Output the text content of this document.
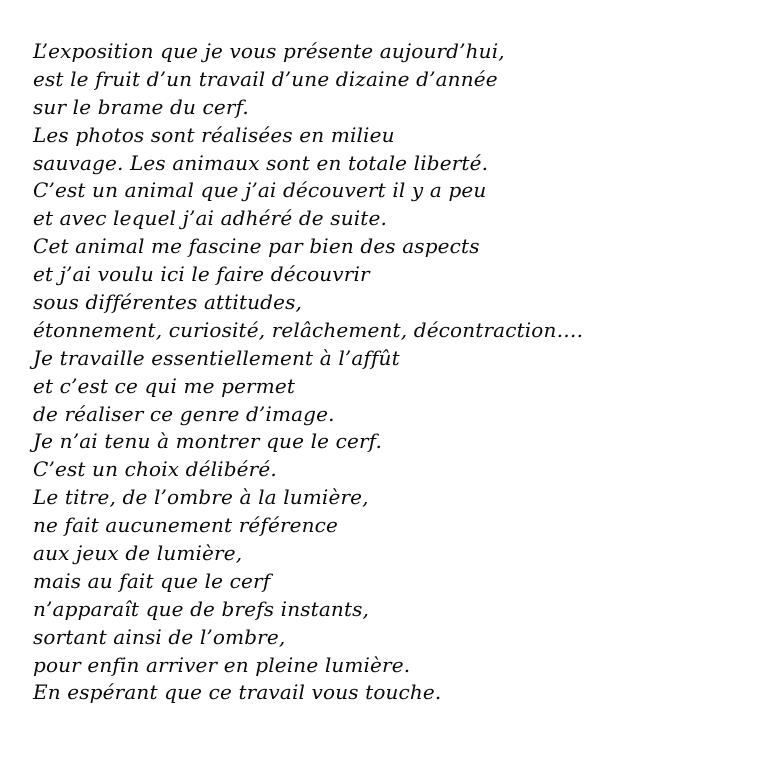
L’exposition que je vous présente aujourd’hui,
est le fruit d’un travail d’une dizaine d’année
sur le brame du cerf.
Les photos sont réalisées en milieu
sauvage. Les animaux sont en totale liberté.
C’est un animal que j’ai découvert il y a peu
et avec lequel j’ai adhéré de suite.
Cet animal me fascine par bien des aspects
et j’ai voulu ici le faire découvrir
sous différentes attitudes,
étonnement, curiosité, relâchement, décontraction….
Je travaille essentiellement à l’affût
et c’est ce qui me permet
de réaliser ce genre d’image.
Je n’ai tenu à montrer que le cerf.
C’est un choix délibéré.
Le titre, de l’ombre à la lumière,
ne fait aucunement référence
aux jeux de lumière,
mais au fait que le cerf
n’apparaît que de brefs instants,
sortant ainsi de l’ombre,
pour enfin arriver en pleine lumière.
En espérant que ce travail vous touche.
